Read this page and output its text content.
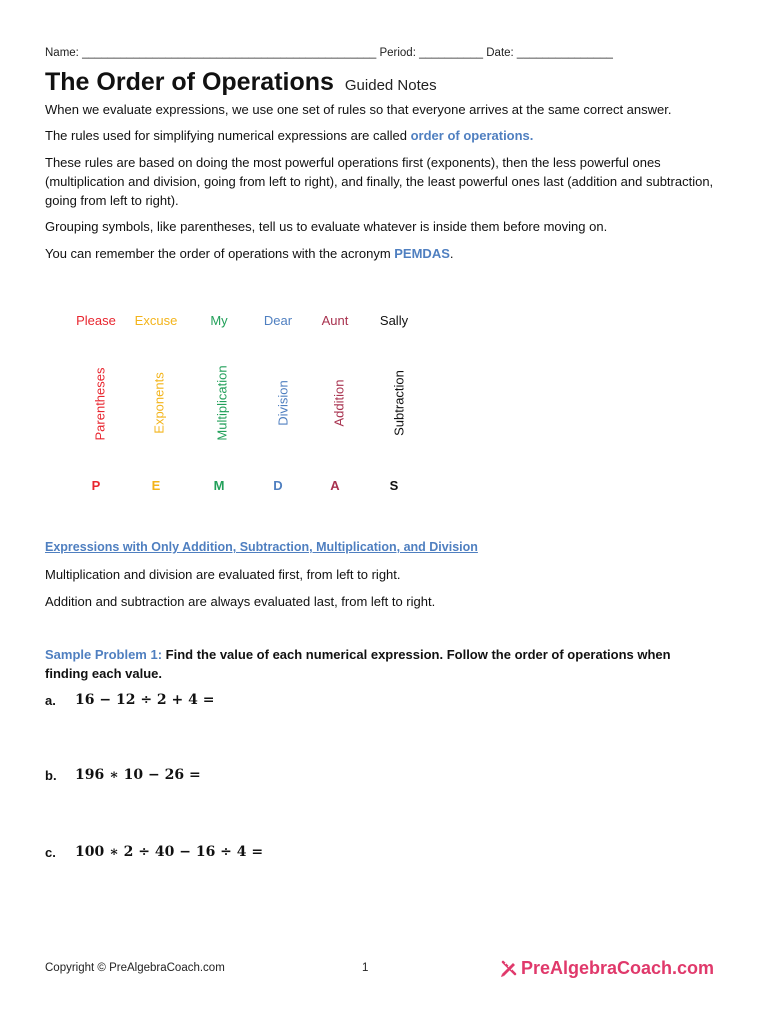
Name: ______________________________________________ Period: __________ Date: _______________
The Order of Operations Guided Notes
When we evaluate expressions, we use one set of rules so that everyone arrives at the same correct answer.
The rules used for simplifying numerical expressions are called order of operations.
These rules are based on doing the most powerful operations first (exponents), then the less powerful ones (multiplication and division, going from left to right), and finally, the least powerful ones last (addition and subtraction, going from left to right).
Grouping symbols, like parentheses, tell us to evaluate whatever is inside them before moving on.
You can remember the order of operations with the acronym PEMDAS.
Please
Parentheses
P
Excuse
Exponents
E
My
Multiplication
M
Dear
Division
D
Aunt
Addition
A
Sally
Subtraction
S
Expressions with Only Addition, Subtraction, Multiplication, and Division
Multiplication and division are evaluated first, from left to right.
Addition and subtraction are always evaluated last, from left to right.
Sample Problem 1: Find the value of each numerical expression. Follow the order of operations when finding each value.
a. 16 − 12 ÷ 2 + 4 =
b. 196 ∗ 10 − 26 =
c. 100 ∗ 2 ÷ 40 − 16 ÷ 4 =
Copyright © PreAlgebraCoach.com	1	PreAlgebraCoach.com
